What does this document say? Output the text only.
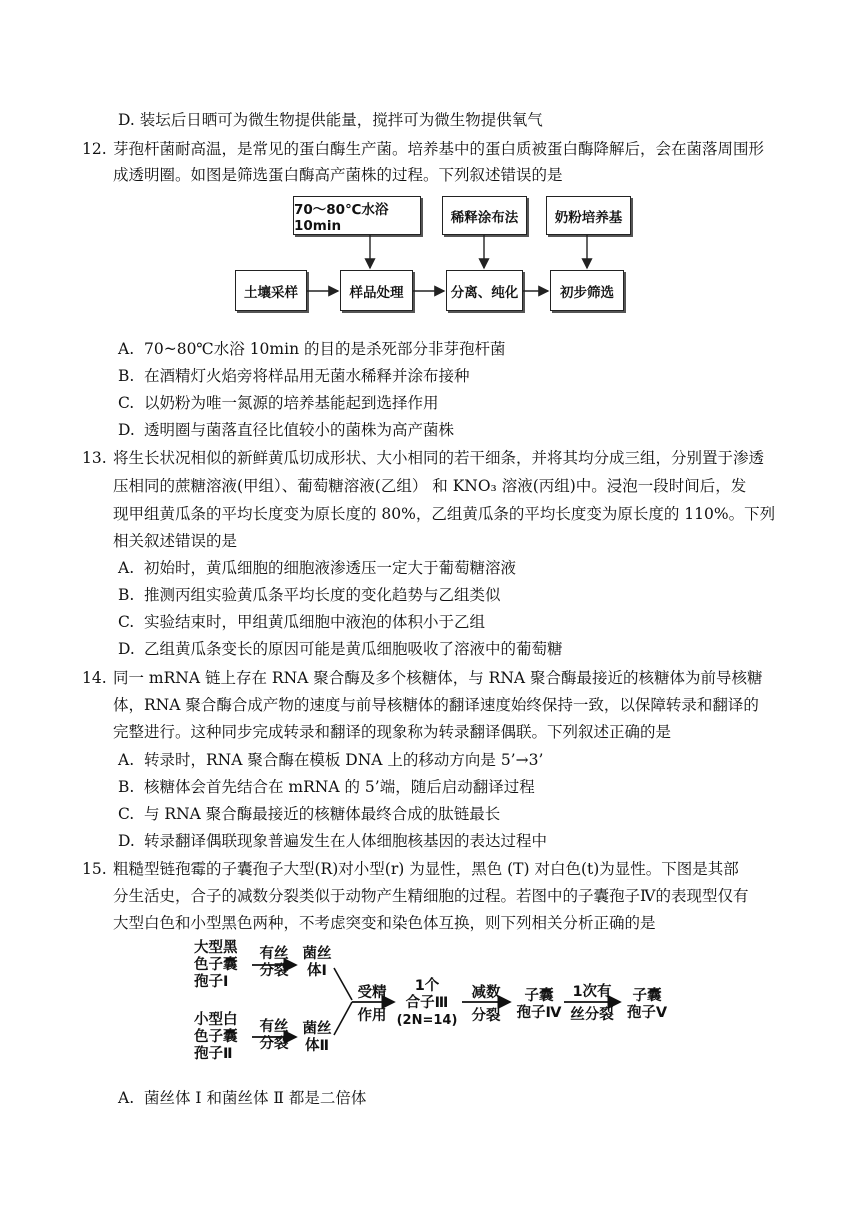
D. 装坛后日晒可为微生物提供能量，搅拌可为微生物提供氧气
12. 芽孢杆菌耐高温，是常见的蛋白酶生产菌。培养基中的蛋白质被蛋白酶降解后，会在菌落周围形
成透明圈。如图是筛选蛋白酶高产菌株的过程。下列叙述错误的是
70～80℃水浴10min	稀释涂布法	奶粉培养基
土壤采样	样品处理	分离、纯化	初步筛选
A. 70~80℃水浴 10min 的目的是杀死部分非芽孢杆菌
B. 在酒精灯火焰旁将样品用无菌水稀释并涂布接种
C. 以奶粉为唯一氮源的培养基能起到选择作用
D. 透明圈与菌落直径比值较小的菌株为高产菌株
13. 将生长状况相似的新鲜黄瓜切成形状、大小相同的若干细条，并将其均分成三组，分别置于渗透
压相同的蔗糖溶液(甲组）、葡萄糖溶液(乙组） 和 KNO₃ 溶液(丙组)中。浸泡一段时间后，发
现甲组黄瓜条的平均长度变为原长度的 80%，乙组黄瓜条的平均长度变为原长度的 110%。下列
相关叙述错误的是
A. 初始时，黄瓜细胞的细胞液渗透压一定大于葡萄糖溶液
B. 推测丙组实验黄瓜条平均长度的变化趋势与乙组类似
C. 实验结束时，甲组黄瓜细胞中液泡的体积小于乙组
D. 乙组黄瓜条变长的原因可能是黄瓜细胞吸收了溶液中的葡萄糖
14. 同一 mRNA 链上存在 RNA 聚合酶及多个核糖体，与 RNA 聚合酶最接近的核糖体为前导核糖
体，RNA 聚合酶合成产物的速度与前导核糖体的翻译速度始终保持一致，以保障转录和翻译的
完整进行。这种同步完成转录和翻译的现象称为转录翻译偶联。下列叙述正确的是
A. 转录时，RNA 聚合酶在模板 DNA 上的移动方向是 5’→3’
B. 核糖体会首先结合在 mRNA 的 5’端，随后启动翻译过程
C. 与 RNA 聚合酶最接近的核糖体最终合成的肽链最长
D. 转录翻译偶联现象普遍发生在人体细胞核基因的表达过程中
15. 粗糙型链孢霉的子囊孢子大型(R)对小型(r) 为显性，黑色 (T) 对白色(t)为显性。下图是其部
分生活史，合子的减数分裂类似于动物产生精细胞的过程。若图中的子囊孢子Ⅳ的表现型仅有
大型白色和小型黑色两种，不考虑突变和染色体互换，则下列相关分析正确的是
大型黑
色子囊
孢子Ⅰ
有丝
分裂
菌丝
体Ⅰ
小型白
色子囊
孢子Ⅱ
有丝
分裂
菌丝
体Ⅱ
受精
作用
1个
合子Ⅲ
(2N=14)
减数
分裂
子囊
孢子Ⅳ
1次有
丝分裂
子囊
孢子Ⅴ
A. 菌丝体 Ⅰ 和菌丝体 Ⅱ 都是二倍体
